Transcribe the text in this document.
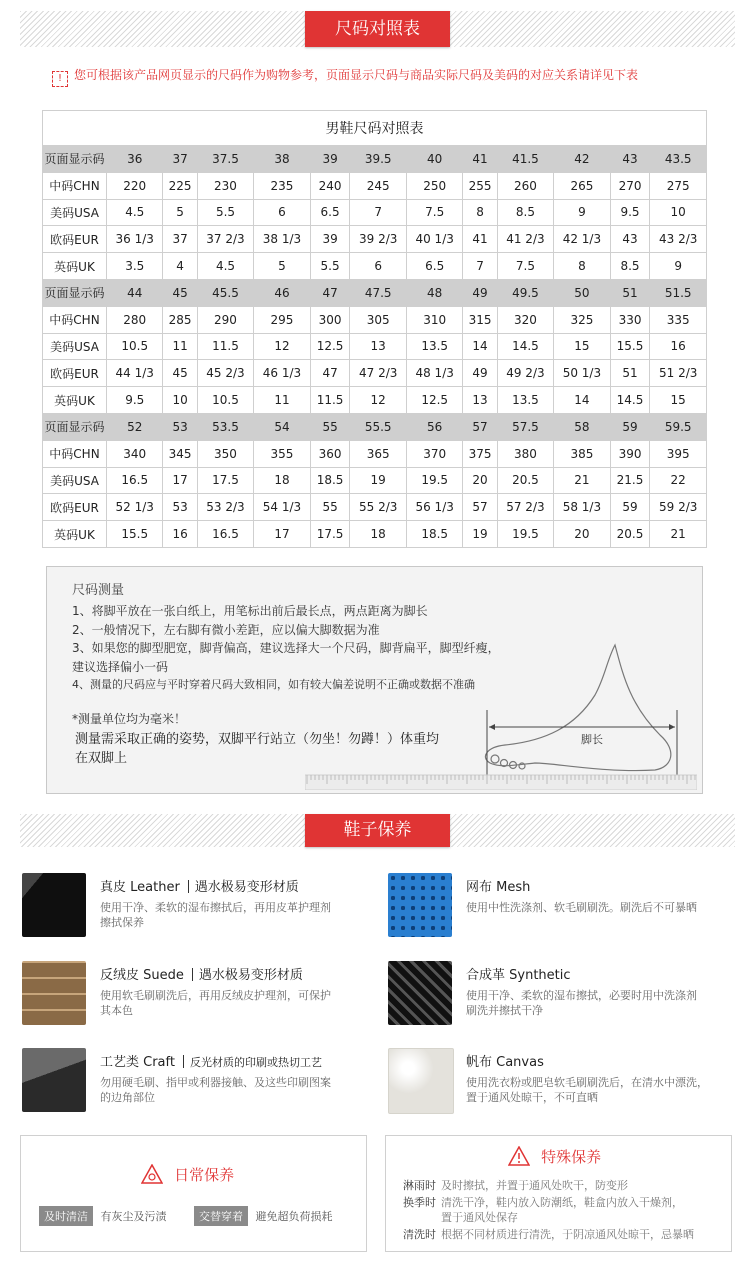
尺码对照表
! 您可根据该产品网页显示的尺码作为购物参考，页面显示尺码与商品实际尺码及美码的对应关系请详见下表
男鞋尺码对照表												
页面显示码	36	37	37.5	38	39	39.5	40	41	41.5	42	43	43.5
中码CHN	220	225	230	235	240	245	250	255	260	265	270	275
美码USA	4.5	5	5.5	6	6.5	7	7.5	8	8.5	9	9.5	10
欧码EUR	36 1/3	37	37 2/3	38 1/3	39	39 2/3	40 1/3	41	41 2/3	42 1/3	43	43 2/3
英码UK	3.5	4	4.5	5	5.5	6	6.5	7	7.5	8	8.5	9
页面显示码	44	45	45.5	46	47	47.5	48	49	49.5	50	51	51.5
中码CHN	280	285	290	295	300	305	310	315	320	325	330	335
美码USA	10.5	11	11.5	12	12.5	13	13.5	14	14.5	15	15.5	16
欧码EUR	44 1/3	45	45 2/3	46 1/3	47	47 2/3	48 1/3	49	49 2/3	50 1/3	51	51 2/3
英码UK	9.5	10	10.5	11	11.5	12	12.5	13	13.5	14	14.5	15
页面显示码	52	53	53.5	54	55	55.5	56	57	57.5	58	59	59.5
中码CHN	340	345	350	355	360	365	370	375	380	385	390	395
美码USA	16.5	17	17.5	18	18.5	19	19.5	20	20.5	21	21.5	22
欧码EUR	52 1/3	53	53 2/3	54 1/3	55	55 2/3	56 1/3	57	57 2/3	58 1/3	59	59 2/3
英码UK	15.5	16	16.5	17	17.5	18	18.5	19	19.5	20	20.5	21
尺码测量
1、将脚平放在一张白纸上，用笔标出前后最长点，两点距离为脚长
2、一般情况下，左右脚有微小差距，应以偏大脚数据为准
3、如果您的脚型肥宽，脚背偏高，建议选择大一个尺码，脚背扁平，脚型纤瘦，
建议选择偏小一码
4、测量的尺码应与平时穿着尺码大致相同，如有较大偏差说明不正确或数据不准确
*测量单位均为毫米！
测量需采取正确的姿势，双脚平行站立（勿坐！勿蹲！）体重均
在双脚上
脚长
鞋子保养
真皮 Leather 遇水极易变形材质
使用干净、柔软的湿布擦拭后，再用皮革护理剂
擦拭保养
网布 Mesh
使用中性洗涤剂、软毛刷刷洗。刷洗后不可暴晒
反绒皮 Suede 遇水极易变形材质
使用软毛刷刷洗后，再用反绒皮护理剂，可保护
其本色
合成革 Synthetic
使用干净、柔软的湿布擦拭，必要时用中洗涤剂
刷洗并擦拭干净
工艺类 Craft 反光材质的印刷或热切工艺
勿用硬毛刷、指甲或利器接触、及这些印刷图案
的边角部位
帆布 Canvas
使用洗衣粉或肥皂软毛刷刷洗后，在清水中漂洗，
置于通风处晾干，不可直晒
日常保养
及时清洁 有灰尘及污渍	交替穿着 避免超负荷损耗
特殊保养
淋雨时 及时擦拭，并置于通风处吹干，防变形
换季时 清洗干净，鞋内放入防潮纸，鞋盒内放入干燥剂，
置于通风处保存
清洗时 根据不同材质进行清洗，于阴凉通风处晾干，忌暴晒
